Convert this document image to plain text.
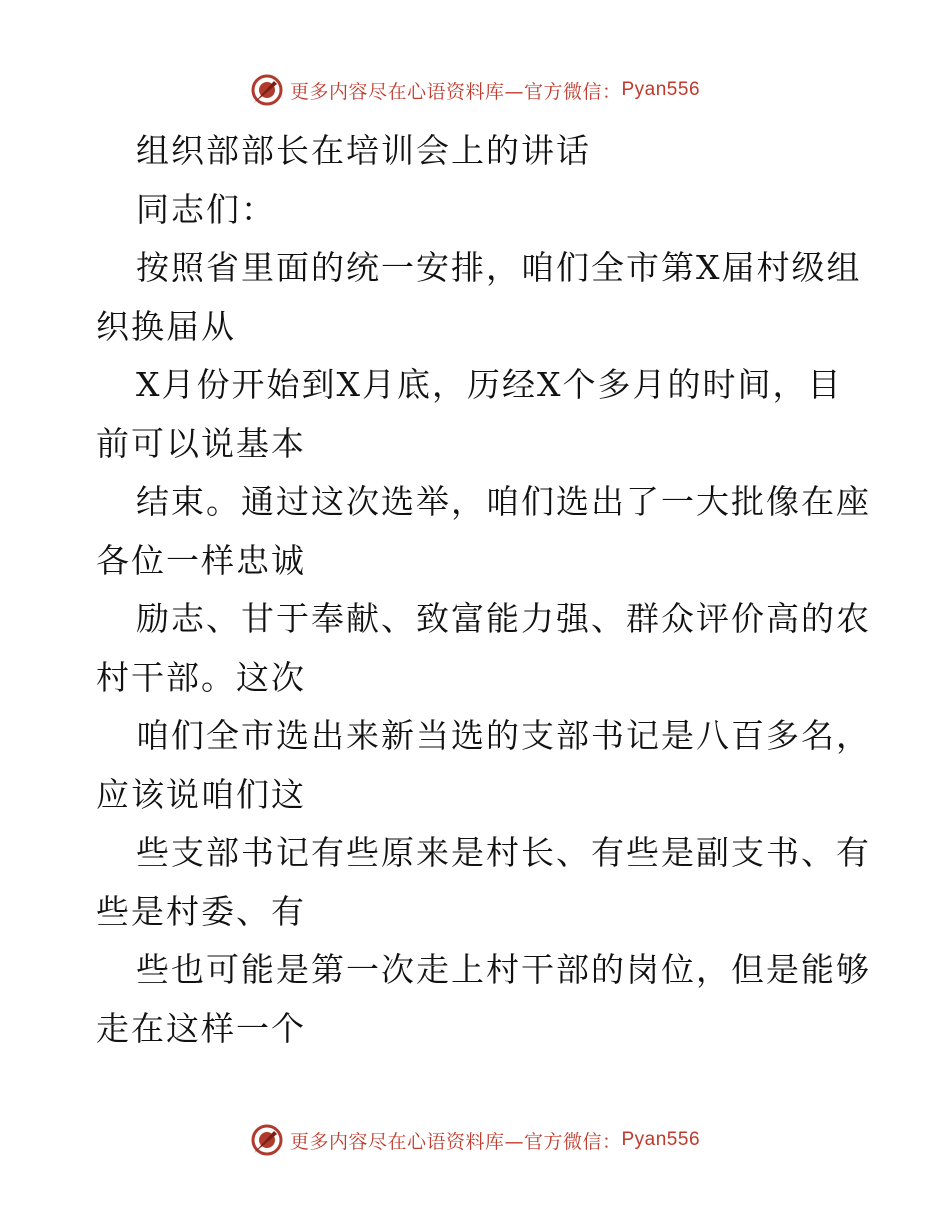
更多内容尽在心语资料库—官方微信： Pyan556
组织部部长在培训会上的讲话
同志们：
按照省里面的统一安排，咱们全市第X届村级组
织换届从
X月份开始到X月底，历经X个多月的时间，目
前可以说基本
结束。通过这次选举，咱们选出了一大批像在座
各位一样忠诚
励志、甘于奉献、致富能力强、群众评价高的农
村干部。这次
咱们全市选出来新当选的支部书记是八百多名，
应该说咱们这
些支部书记有些原来是村长、有些是副支书、有
些是村委、有
些也可能是第一次走上村干部的岗位，但是能够
走在这样一个
更多内容尽在心语资料库—官方微信： Pyan556
